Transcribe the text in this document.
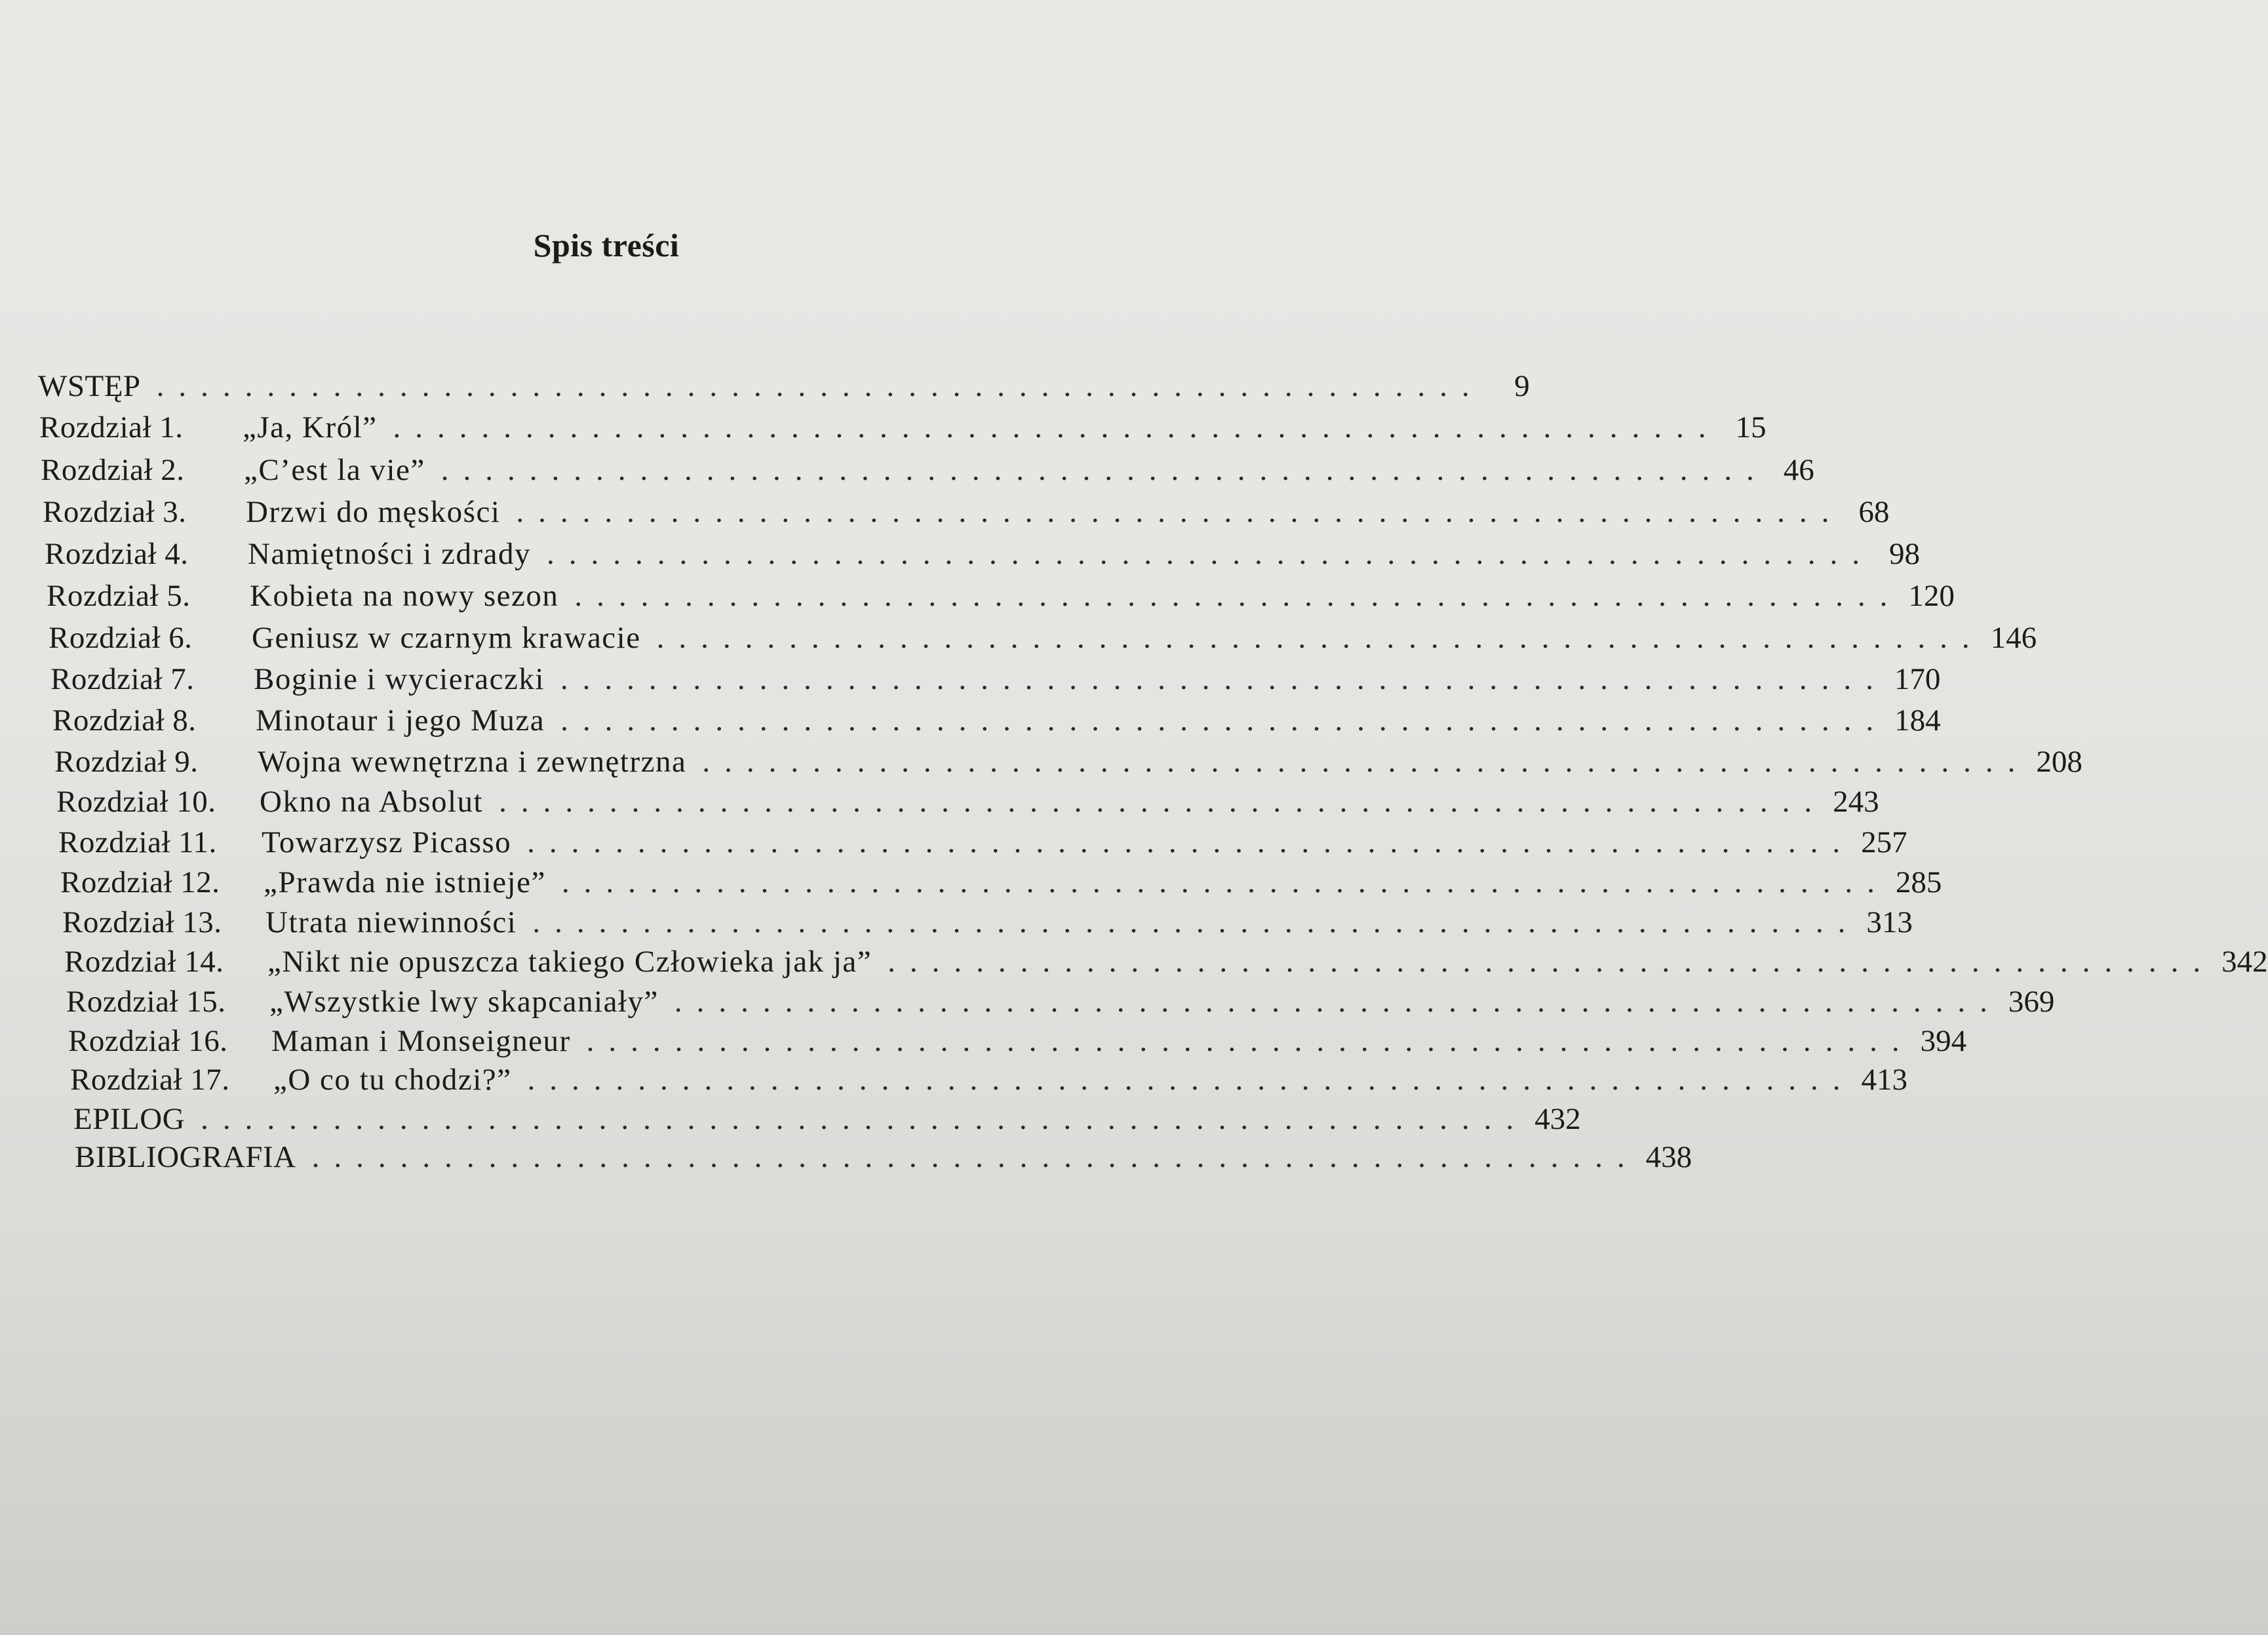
Spis treści
WSTĘP ............................................................ 9
Rozdział 1. „Ja, Król” ............................................................ 15
Rozdział 2. „C’est la vie” ............................................................ 46
Rozdział 3. Drzwi do męskości ............................................................ 68
Rozdział 4. Namiętności i zdrady ............................................................ 98
Rozdział 5. Kobieta na nowy sezon ............................................................ 120
Rozdział 6. Geniusz w czarnym krawacie ............................................................ 146
Rozdział 7. Boginie i wycieraczki ............................................................ 170
Rozdział 8. Minotaur i jego Muza ............................................................ 184
Rozdział 9. Wojna wewnętrzna i zewnętrzna ............................................................ 208
Rozdział 10. Okno na Absolut ............................................................ 243
Rozdział 11. Towarzysz Picasso ............................................................ 257
Rozdział 12. „Prawda nie istnieje” ............................................................ 285
Rozdział 13. Utrata niewinności ............................................................ 313
Rozdział 14. „Nikt nie opuszcza takiego Człowieka jak ja” ............................................................ 342
Rozdział 15. „Wszystkie lwy skapcaniały” ............................................................ 369
Rozdział 16. Maman i Monseigneur ............................................................ 394
Rozdział 17. „O co tu chodzi?” ............................................................ 413
EPILOG ............................................................ 432
BIBLIOGRAFIA ............................................................ 438
